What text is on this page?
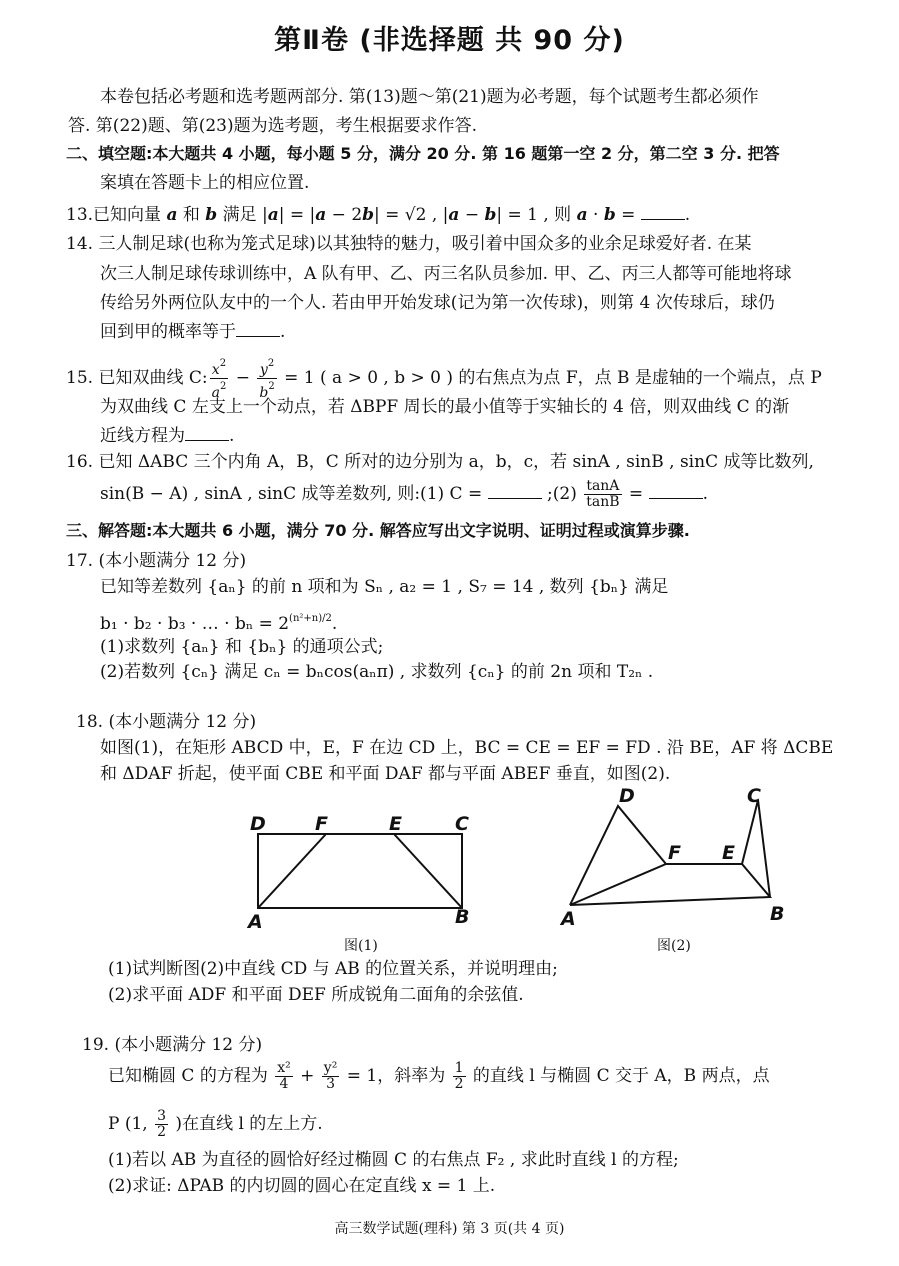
第Ⅱ卷 (非选择题 共 90 分)
本卷包括必考题和选考题两部分. 第(13)题～第(21)题为必考题，每个试题考生都必须作
答. 第(22)题、第(23)题为选考题，考生根据要求作答.
二、填空题:本大题共 4 小题，每小题 5 分，满分 20 分. 第 16 题第一空 2 分，第二空 3 分. 把答
案填在答题卡上的相应位置.
13.已知向量 a 和 b 满足 |a| = |a − 2b| = √2 , |a − b| = 1 , 则 a · b =	.
14. 三人制足球(也称为笼式足球)以其独特的魅力，吸引着中国众多的业余足球爱好者. 在某
次三人制足球传球训练中，A 队有甲、乙、丙三名队员参加. 甲、乙、丙三人都等可能地将球
传给另外两位队友中的一个人. 若由甲开始发球(记为第一次传球)，则第 4 次传球后，球仍
回到甲的概率等于	.
15. 已知双曲线 C: $\frac{x^2}{a^2} - \frac{y^2}{b^2} = 1$ ( a > 0 , b > 0 ) 的右焦点为点 F，点 B 是虚轴的一个端点，点 P
为双曲线 C 左支上一个动点，若 ΔBPF 周长的最小值等于实轴长的 4 倍，则双曲线 C 的渐
近线方程为	.
16. 已知 ΔABC 三个内角 A，B，C 所对的边分别为 a，b，c，若 sinA , sinB , sinC 成等比数列,
sin(B − A) , sinA , sinC 成等差数列, 则:(1) C =	;(2) $\frac{\tan A}{\tan B}$ =	.
三、解答题:本大题共 6 小题，满分 70 分. 解答应写出文字说明、证明过程或演算步骤.
17. (本小题满分 12 分)
已知等差数列 {aₙ} 的前 n 项和为 Sₙ , a₂ = 1 , S₇ = 14 , 数列 {bₙ} 满足
b₁ · b₂ · b₃ · … · $b_n = 2^{(n^2+n)/2}$.
(1)求数列 {aₙ} 和 {bₙ} 的通项公式;
(2)若数列 {cₙ} 满足 cₙ = bₙcos(aₙπ) , 求数列 {cₙ} 的前 2n 项和 T₂ₙ .
18. (本小题满分 12 分)
如图(1)，在矩形 ABCD 中，E，F 在边 CD 上，BC = CE = EF = FD . 沿 BE，AF 将 ΔCBE
和 ΔDAF 折起，使平面 CBE 和平面 DAF 都与平面 ABEF 垂直，如图(2).
D	F	E	C
A	B
D	C
F E
A	B
图(1)	图(2)
(1)试判断图(2)中直线 CD 与 AB 的位置关系，并说明理由;
(2)求平面 ADF 和平面 DEF 所成锐角二面角的余弦值.
19. (本小题满分 12 分)
已知椭圆 C 的方程为 $\frac{\text{x²}}{4} + \frac{\text{y²}}{3} = 1$，斜率为 $\frac{1}{2}$ 的直线 l 与椭圆 C 交于 A，B 两点，点
P (1, $\frac{3}{2}$ )在直线 l 的左上方.
(1)若以 AB 为直径的圆恰好经过椭圆 C 的右焦点 F₂ , 求此时直线 l 的方程;
(2)求证: ΔPAB 的内切圆的圆心在定直线 x = 1 上.
高三数学试题(理科) 第 3 页(共 4 页)
